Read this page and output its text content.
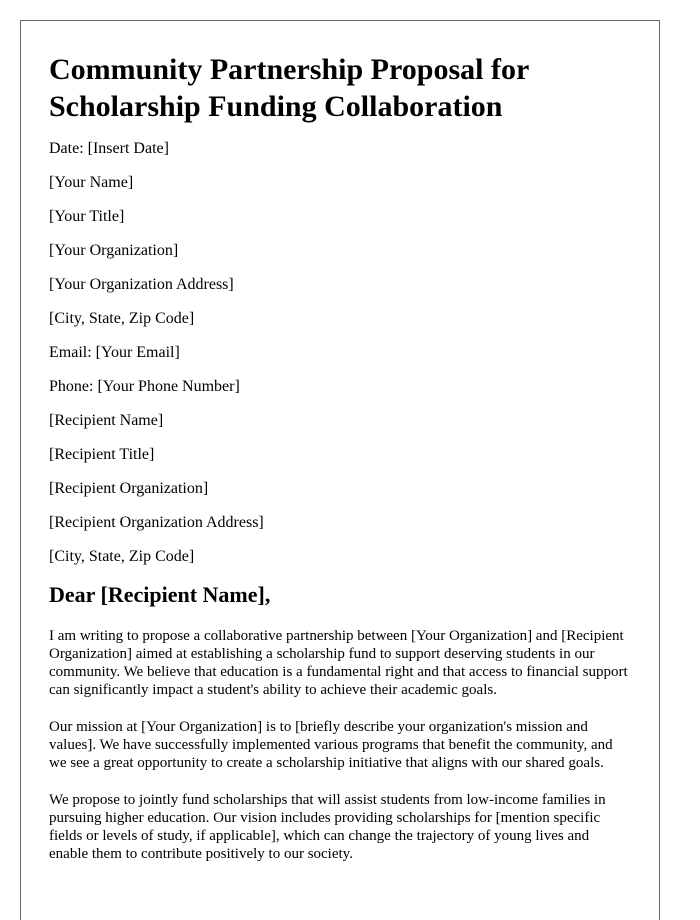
Community Partnership Proposal for Scholarship Funding Collaboration

Date: [Insert Date]

[Your Name]

[Your Title]

[Your Organization]

[Your Organization Address]

[City, State, Zip Code]

Email: [Your Email]

Phone: [Your Phone Number]

[Recipient Name]

[Recipient Title]

[Recipient Organization]

[Recipient Organization Address]

[City, State, Zip Code]

Dear [Recipient Name],

I am writing to propose a collaborative partnership between [Your Organization] and [Recipient Organization] aimed at establishing a scholarship fund to support deserving students in our community. We believe that education is a fundamental right and that access to financial support can significantly impact a student's ability to achieve their academic goals.

Our mission at [Your Organization] is to [briefly describe your organization's mission and values]. We have successfully implemented various programs that benefit the community, and we see a great opportunity to create a scholarship initiative that aligns with our shared goals.

We propose to jointly fund scholarships that will assist students from low-income families in pursuing higher education. Our vision includes providing scholarships for [mention specific fields or levels of study, if applicable], which can change the trajectory of young lives and enable them to contribute positively to our society.
